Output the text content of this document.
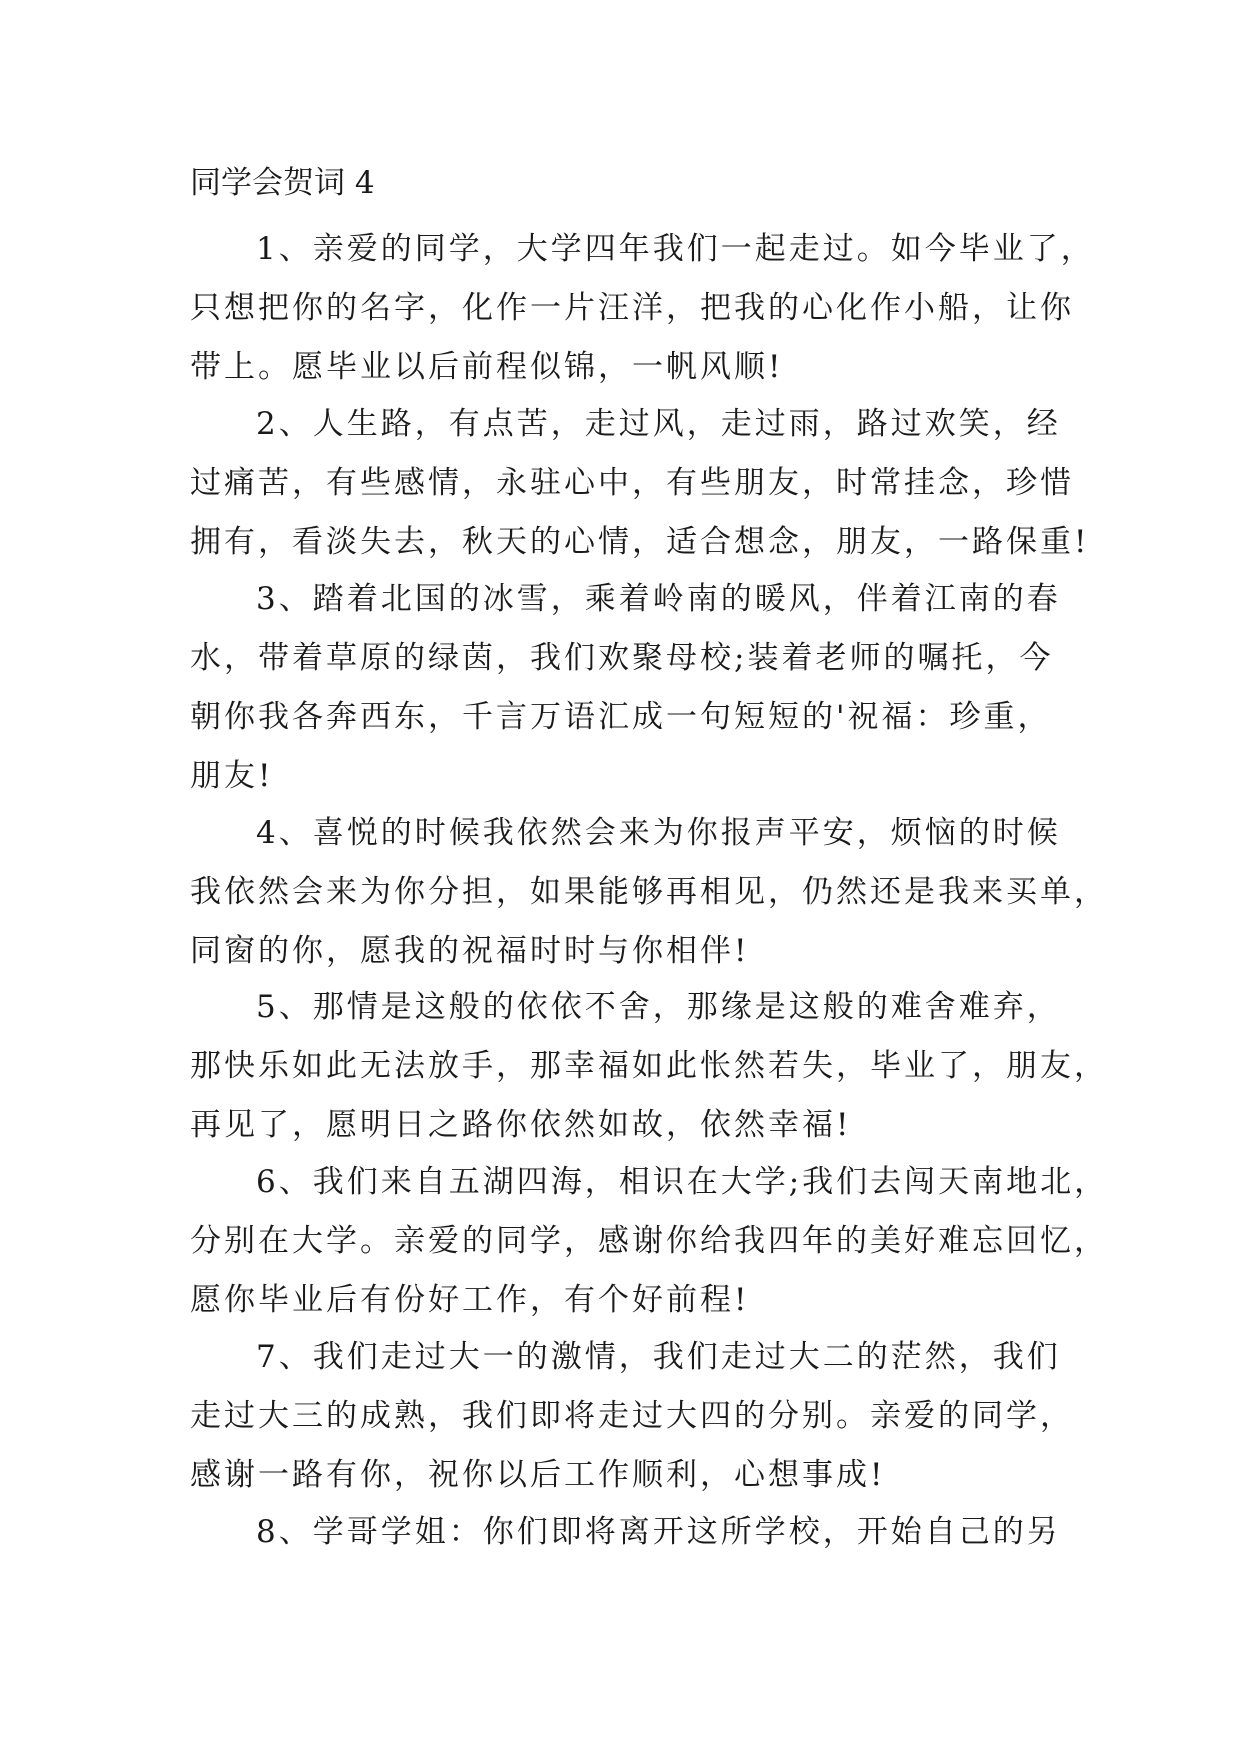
同学会贺词 4

1、亲爱的同学，大学四年我们一起走过。如今毕业了，
只想把你的名字，化作一片汪洋，把我的心化作小船，让你
带上。愿毕业以后前程似锦，一帆风顺!

2、人生路，有点苦，走过风，走过雨，路过欢笑，经
过痛苦，有些感情，永驻心中，有些朋友，时常挂念，珍惜
拥有，看淡失去，秋天的心情，适合想念，朋友，一路保重!

3、踏着北国的冰雪，乘着岭南的暖风，伴着江南的春
水，带着草原的绿茵，我们欢聚母校;装着老师的嘱托，今
朝你我各奔西东，千言万语汇成一句短短的'祝福：珍重，
朋友!

4、喜悦的时候我依然会来为你报声平安，烦恼的时候
我依然会来为你分担，如果能够再相见，仍然还是我来买单，
同窗的你，愿我的祝福时时与你相伴!

5、那情是这般的依依不舍，那缘是这般的难舍难弃，
那快乐如此无法放手，那幸福如此怅然若失，毕业了，朋友，
再见了，愿明日之路你依然如故，依然幸福!

6、我们来自五湖四海，相识在大学;我们去闯天南地北，
分别在大学。亲爱的同学，感谢你给我四年的美好难忘回忆，
愿你毕业后有份好工作，有个好前程!

7、我们走过大一的激情，我们走过大二的茫然，我们
走过大三的成熟，我们即将走过大四的分别。亲爱的同学，
感谢一路有你，祝你以后工作顺利，心想事成!

8、学哥学姐：你们即将离开这所学校，开始自己的另
